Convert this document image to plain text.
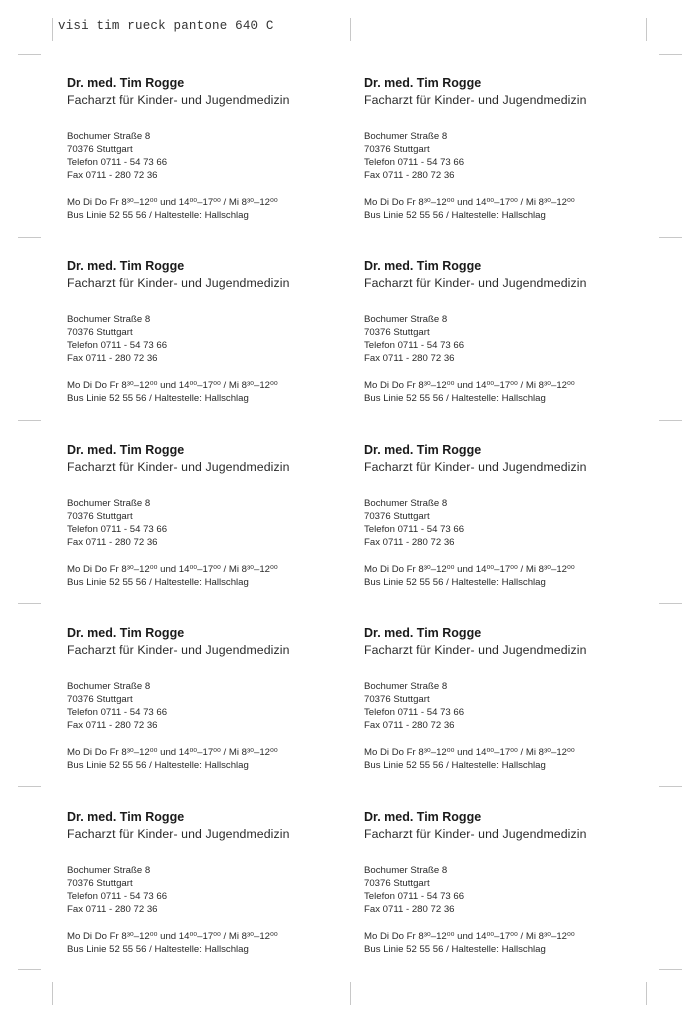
visi tim rueck pantone 640 C
Dr. med. Tim Rogge
Facharzt für Kinder- und Jugendmedizin
Bochumer Straße 8
70376 Stuttgart
Telefon 0711 - 54 73 66
Fax 0711 - 280 72 36
Mo Di Do Fr 8³⁰–12⁰⁰ und 14⁰⁰–17⁰⁰ / Mi 8³⁰–12⁰⁰
Bus Linie 52 55 56 / Haltestelle: Hallschlag
Dr. med. Tim Rogge
Facharzt für Kinder- und Jugendmedizin
Bochumer Straße 8
70376 Stuttgart
Telefon 0711 - 54 73 66
Fax 0711 - 280 72 36
Mo Di Do Fr 8³⁰–12⁰⁰ und 14⁰⁰–17⁰⁰ / Mi 8³⁰–12⁰⁰
Bus Linie 52 55 56 / Haltestelle: Hallschlag
Dr. med. Tim Rogge
Facharzt für Kinder- und Jugendmedizin
Bochumer Straße 8
70376 Stuttgart
Telefon 0711 - 54 73 66
Fax 0711 - 280 72 36
Mo Di Do Fr 8³⁰–12⁰⁰ und 14⁰⁰–17⁰⁰ / Mi 8³⁰–12⁰⁰
Bus Linie 52 55 56 / Haltestelle: Hallschlag
Dr. med. Tim Rogge
Facharzt für Kinder- und Jugendmedizin
Bochumer Straße 8
70376 Stuttgart
Telefon 0711 - 54 73 66
Fax 0711 - 280 72 36
Mo Di Do Fr 8³⁰–12⁰⁰ und 14⁰⁰–17⁰⁰ / Mi 8³⁰–12⁰⁰
Bus Linie 52 55 56 / Haltestelle: Hallschlag
Dr. med. Tim Rogge
Facharzt für Kinder- und Jugendmedizin
Bochumer Straße 8
70376 Stuttgart
Telefon 0711 - 54 73 66
Fax 0711 - 280 72 36
Mo Di Do Fr 8³⁰–12⁰⁰ und 14⁰⁰–17⁰⁰ / Mi 8³⁰–12⁰⁰
Bus Linie 52 55 56 / Haltestelle: Hallschlag
Dr. med. Tim Rogge
Facharzt für Kinder- und Jugendmedizin
Bochumer Straße 8
70376 Stuttgart
Telefon 0711 - 54 73 66
Fax 0711 - 280 72 36
Mo Di Do Fr 8³⁰–12⁰⁰ und 14⁰⁰–17⁰⁰ / Mi 8³⁰–12⁰⁰
Bus Linie 52 55 56 / Haltestelle: Hallschlag
Dr. med. Tim Rogge
Facharzt für Kinder- und Jugendmedizin
Bochumer Straße 8
70376 Stuttgart
Telefon 0711 - 54 73 66
Fax 0711 - 280 72 36
Mo Di Do Fr 8³⁰–12⁰⁰ und 14⁰⁰–17⁰⁰ / Mi 8³⁰–12⁰⁰
Bus Linie 52 55 56 / Haltestelle: Hallschlag
Dr. med. Tim Rogge
Facharzt für Kinder- und Jugendmedizin
Bochumer Straße 8
70376 Stuttgart
Telefon 0711 - 54 73 66
Fax 0711 - 280 72 36
Mo Di Do Fr 8³⁰–12⁰⁰ und 14⁰⁰–17⁰⁰ / Mi 8³⁰–12⁰⁰
Bus Linie 52 55 56 / Haltestelle: Hallschlag
Dr. med. Tim Rogge
Facharzt für Kinder- und Jugendmedizin
Bochumer Straße 8
70376 Stuttgart
Telefon 0711 - 54 73 66
Fax 0711 - 280 72 36
Mo Di Do Fr 8³⁰–12⁰⁰ und 14⁰⁰–17⁰⁰ / Mi 8³⁰–12⁰⁰
Bus Linie 52 55 56 / Haltestelle: Hallschlag
Dr. med. Tim Rogge
Facharzt für Kinder- und Jugendmedizin
Bochumer Straße 8
70376 Stuttgart
Telefon 0711 - 54 73 66
Fax 0711 - 280 72 36
Mo Di Do Fr 8³⁰–12⁰⁰ und 14⁰⁰–17⁰⁰ / Mi 8³⁰–12⁰⁰
Bus Linie 52 55 56 / Haltestelle: Hallschlag
